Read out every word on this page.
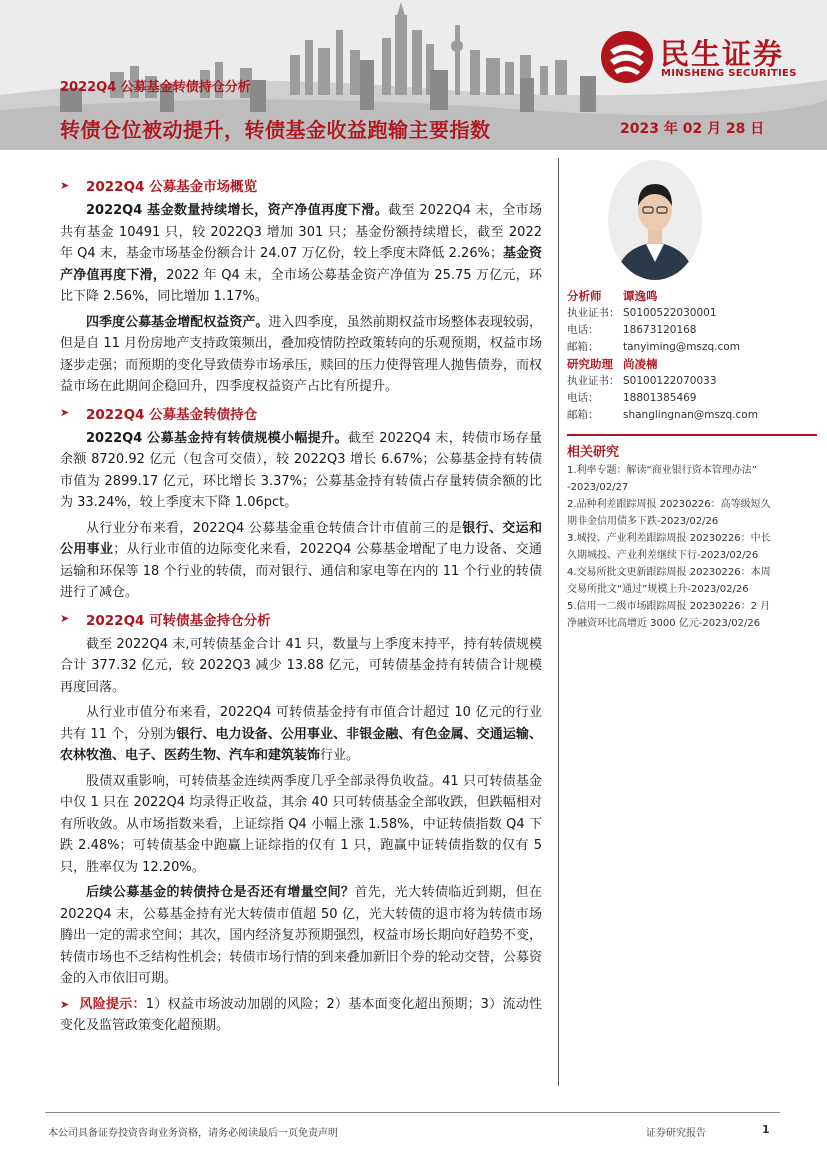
民生证券
MINSHENG SECURITIES
2022Q4 公募基金转债持仓分析
转债仓位被动提升，转债基金收益跑输主要指数	2023 年 02 月 28 日
➤	2022Q4 公募基金市场概览

2022Q4 基金数量持续增长，资产净值再度下滑。截至 2022Q4 末，全市场共有基金 10491 只，较 2022Q3 增加 301 只；基金份额持续增长，截至 2022 年 Q4 末，基金市场基金份额合计 24.07 万亿份，较上季度末降低 2.26%；基金资产净值再度下滑，2022 年 Q4 末，全市场公募基金资产净值为 25.75 万亿元，环比下降 2.56%，同比增加 1.17%。

四季度公募基金增配权益资产。进入四季度，虽然前期权益市场整体表现较弱，但是自 11 月份房地产支持政策频出，叠加疫情防控政策转向的乐观预期，权益市场逐步走强；而预期的变化导致债券市场承压，赎回的压力使得管理人抛售债券，而权益市场在此期间企稳回升，四季度权益资产占比有所提升。

➤	2022Q4 公募基金转债持仓

2022Q4 公募基金持有转债规模小幅提升。截至 2022Q4 末，转债市场存量余额 8720.92 亿元（包含可交债），较 2022Q3 增长 6.67%；公募基金持有转债市值为 2899.17 亿元，环比增长 3.37%；公募基金持有转债占存量转债余额的比为 33.24%，较上季度末下降 1.06pct。

从行业分布来看，2022Q4 公募基金重仓转债合计市值前三的是银行、交运和公用事业；从行业市值的边际变化来看，2022Q4 公募基金增配了电力设备、交通运输和环保等 18 个行业的转债，而对银行、通信和家电等在内的 11 个行业的转债进行了减仓。

➤	2022Q4 可转债基金持仓分析

截至 2022Q4 末,可转债基金合计 41 只，数量与上季度末持平，持有转债规模合计 377.32 亿元，较 2022Q3 减少 13.88 亿元，可转债基金持有转债合计规模再度回落。

从行业市值分布来看，2022Q4 可转债基金持有市值合计超过 10 亿元的行业共有 11 个，分别为银行、电力设备、公用事业、非银金融、有色金属、交通运输、农林牧渔、电子、医药生物、汽车和建筑装饰行业。

股债双重影响，可转债基金连续两季度几乎全部录得负收益。41 只可转债基金中仅 1 只在 2022Q4 均录得正收益，其余 40 只可转债基金全部收跌，但跌幅相对有所收敛。从市场指数来看，上证综指 Q4 小幅上涨 1.58%，中证转债指数 Q4 下跌 2.48%；可转债基金中跑赢上证综指的仅有 1 只，跑赢中证转债指数的仅有 5 只，胜率仅为 12.20%。

后续公募基金的转债持仓是否还有增量空间？首先，光大转债临近到期，但在 2022Q4 末，公募基金持有光大转债市值超 50 亿，光大转债的退市将为转债市场腾出一定的需求空间；其次，国内经济复苏预期强烈，权益市场长期向好趋势不变，转债市场也不乏结构性机会；转债市场行情的到来叠加新旧个券的轮动交替，公募资金的入市依旧可期。

➤ 风险提示：1）权益市场波动加剧的风险；2）基本面变化超出预期；3）流动性变化及监管政策变化超预期。

分析师	谭逸鸣
执业证书： S0100522030001
电话：	18673120168
邮箱：	tanyiming@mszq.com
研究助理 尚凌楠
执业证书： S0100122070033
电话：	18801385469
邮箱：	shanglingnan@mszq.com
相关研究
1.利率专题：解读“商业银行资本管理办法”
-2023/02/27
2.品种利差跟踪周报 20230226：高等级短久
期非金信用债多下跌-2023/02/26
3.城投、产业利差跟踪周报 20230226：中长
久期城投、产业利差继续下行-2023/02/26
4.交易所批文更新跟踪周报 20230226：本周
交易所批文“通过”规模上升-2023/02/26
5.信用一二级市场跟踪周报 20230226：2 月
净融资环比高增近 3000 亿元-2023/02/26
本公司具备证券投资咨询业务资格，请务必阅读最后一页免责声明	证券研究报告	1
